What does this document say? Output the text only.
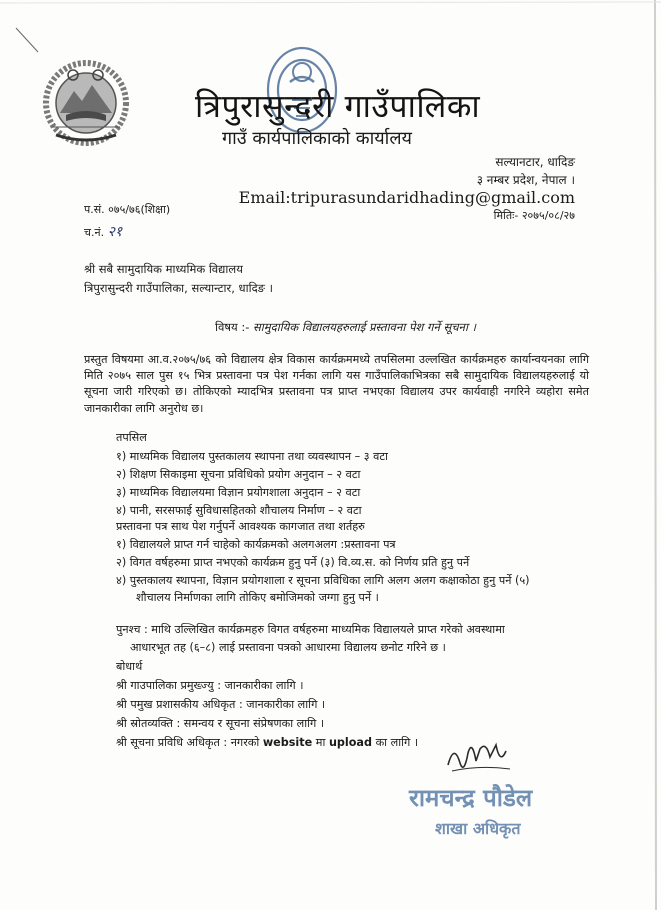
त्रिपुरासुन्दरी गाउँपालिका
गाउँ कार्यपालिकाको कार्यालय
सल्यानटार, धादिङ
३ नम्बर प्रदेश, नेपाल ।
Email:tripurasundaridhading@gmail.com
मितिः- २०७५/०८/२७
प.सं. ०७५/७६(शिक्षा)
च.नं. २१
श्री सबै सामुदायिक माध्यमिक विद्यालय
त्रिपुरासुन्दरी गाउँपालिका, सल्यान्टार, धादिङ ।
विषय :- सामुदायिक विद्यालयहरुलाई प्रस्तावना पेश गर्ने सूचना ।

प्रस्तुत विषयमा आ.व.२०७५/७६ को विद्यालय क्षेत्र विकास कार्यक्रममध्ये तपसिलमा उल्लखित कार्यक्रमहरु कार्यान्वयनका लागि मिति २०७५ साल पुस १५ भित्र प्रस्तावना पत्र पेश गर्नका लागि यस गाउँपालिकाभित्रका सबै सामुदायिक विद्यालयहरुलाई यो सूचना जारी गरिएको छ। तोकिएको म्यादभित्र प्रस्तावना पत्र प्राप्त नभएका विद्यालय उपर कार्यवाही नगरिने व्यहोरा समेत जानकारीका लागि अनुरोध छ।

तपसिल
१) माध्यमिक विद्यालय पुस्तकालय स्थापना तथा व्यवस्थापन – ३ वटा
२) शिक्षण सिकाइमा सूचना प्रविधिको प्रयोग अनुदान – २ वटा
३) माध्यमिक विद्यालयमा विज्ञान प्रयोगशाला अनुदान – २ वटा
४) पानी, सरसफाई सुविधासहितको शौचालय निर्माण – २ वटा
प्रस्तावना पत्र साथ पेश गर्नुपर्ने आवश्यक कागजात तथा शर्तहरु
१) विद्यालयले प्राप्त गर्न चाहेको कार्यक्रमको अलगअलग :प्रस्तावना पत्र
२) विगत वर्षहरुमा प्राप्त नभएको कार्यक्रम हुनु पर्ने (३) वि.व्य.स. को निर्णय प्रति हुनु पर्ने
४) पुस्तकालय स्थापना, विज्ञान प्रयोगशाला र सूचना प्रविधिका लागि अलग अलग कक्षाकोठा हुनु पर्ने (५)
शौचालय निर्माणका लागि तोकिए बमोजिमको जग्गा हुनु पर्ने ।
पुनश्च : माथि उल्लिखित कार्यक्रमहरु विगत वर्षहरुमा माध्यमिक विद्यालयले प्राप्त गरेको अवस्थामा
आधारभूत तह (६–८) लाई प्रस्तावना पत्रको आधारमा विद्यालय छनोट गरिने छ ।
बोधार्थ
श्री गाउपालिका प्रमुख्ज्यु : जानकारीका लागि ।
श्री पमुख प्रशासकीय अधिकृत : जानकारीका लागि ।
श्री स्रोतव्यक्ति : समन्वय र सूचना संप्रेषणका लागि ।
श्री सूचना प्रविधि अधिकृत : नगरको website मा upload का लागि ।
रामचन्द्र पौडेल
शाखा अधिकृत
